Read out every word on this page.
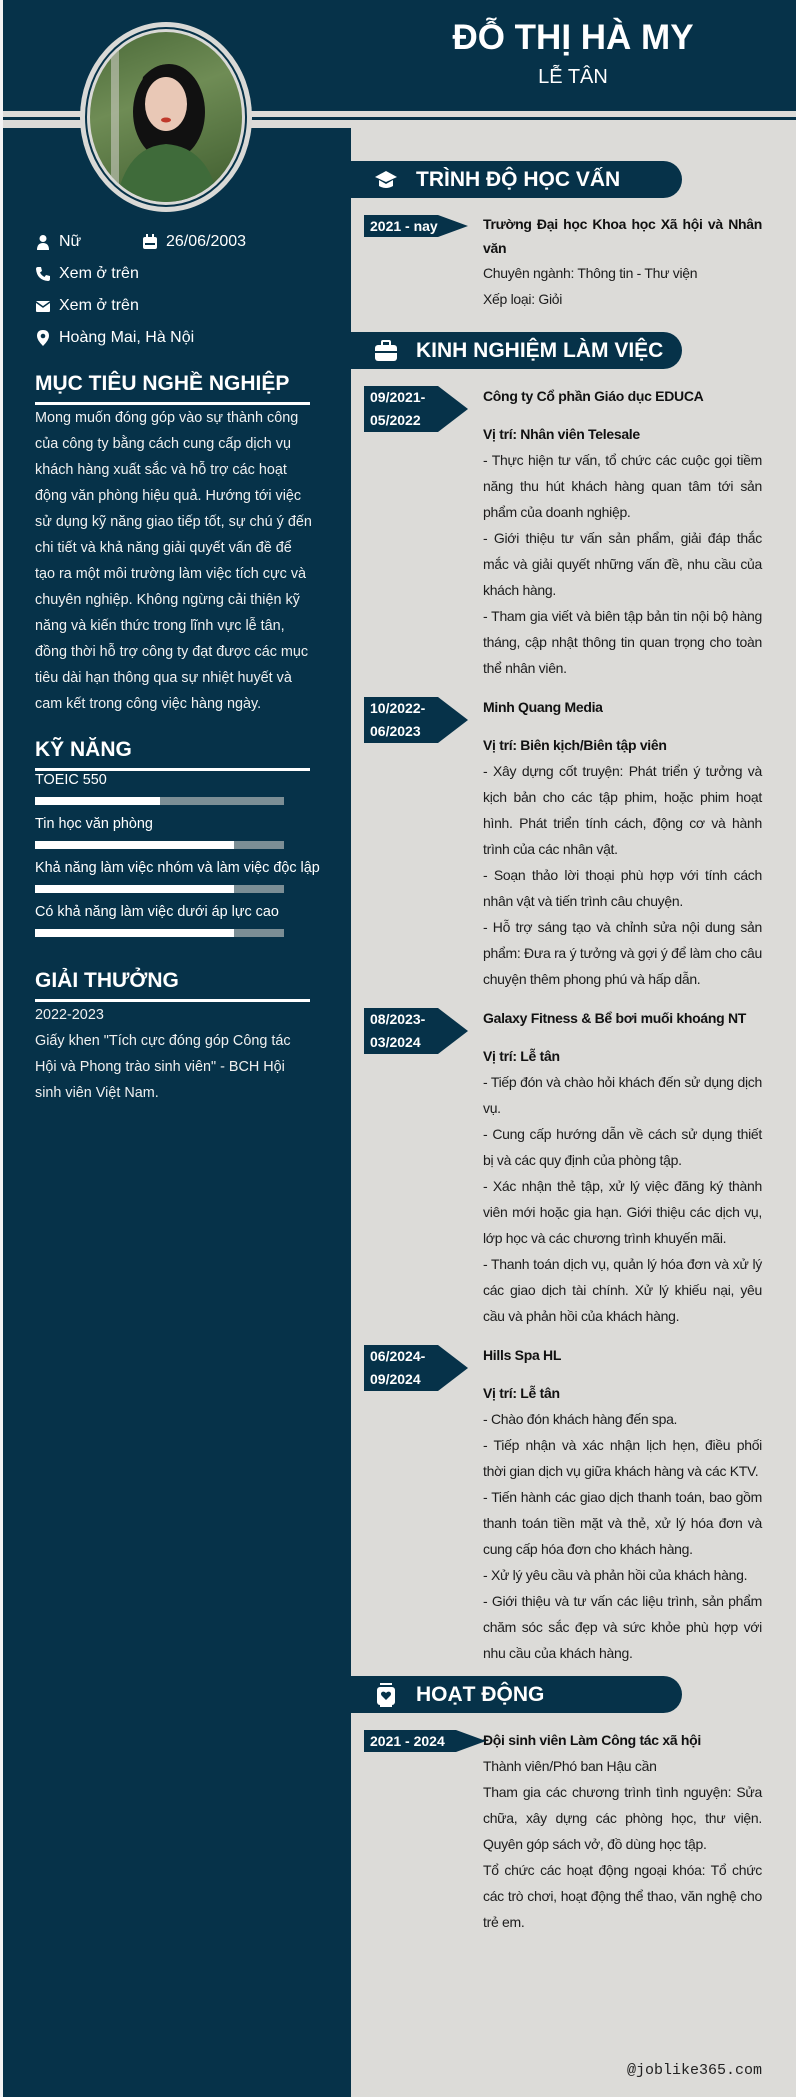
ĐỖ THỊ HÀ MY
LỄ TÂN
Nữ	26/06/2003
Xem ở trên
Xem ở trên
Hoàng Mai, Hà Nội
MỤC TIÊU NGHỀ NGHIỆP
Mong muốn đóng góp vào sự thành công của công ty bằng cách cung cấp dịch vụ khách hàng xuất sắc và hỗ trợ các hoạt động văn phòng hiệu quả. Hướng tới việc sử dụng kỹ năng giao tiếp tốt, sự chú ý đến chi tiết và khả năng giải quyết vấn đề để tạo ra một môi trường làm việc tích cực và chuyên nghiệp. Không ngừng cải thiện kỹ năng và kiến thức trong lĩnh vực lễ tân, đồng thời hỗ trợ công ty đạt được các mục tiêu dài hạn thông qua sự nhiệt huyết và cam kết trong công việc hàng ngày.
KỸ NĂNG
TOEIC 550
Tin học văn phòng
Khả năng làm việc nhóm và làm việc độc lập
Có khả năng làm việc dưới áp lực cao
GIẢI THƯỞNG
2022-2023
Giấy khen "Tích cực đóng góp Công tác Hội và Phong trào sinh viên" - BCH Hội sinh viên Việt Nam.
TRÌNH ĐỘ HỌC VẤN
2021 - nay	Trường Đại học Khoa học Xã hội và Nhân văn
Chuyên ngành: Thông tin - Thư viện
Xếp loại: Giỏi
KINH NGHIỆM LÀM VIỆC
09/2021-
05/2022
Công ty Cổ phần Giáo dục EDUCA
Vị trí: Nhân viên Telesale
- Thực hiện tư vấn, tổ chức các cuộc gọi tiềm năng thu hút khách hàng quan tâm tới sản phẩm của doanh nghiệp.
- Giới thiệu tư vấn sản phẩm, giải đáp thắc mắc và giải quyết những vấn đề, nhu cầu của khách hàng.
- Tham gia viết và biên tập bản tin nội bộ hàng tháng, cập nhật thông tin quan trọng cho toàn thể nhân viên.
10/2022-
06/2023
Minh Quang Media
Vị trí: Biên kịch/Biên tập viên
- Xây dựng cốt truyện: Phát triển ý tưởng và kịch bản cho các tập phim, hoặc phim hoạt hình. Phát triển tính cách, động cơ và hành trình của các nhân vật.
- Soạn thảo lời thoại phù hợp với tính cách nhân vật và tiến trình câu chuyện.
- Hỗ trợ sáng tạo và chỉnh sửa nội dung sản phẩm: Đưa ra ý tưởng và gợi ý để làm cho câu chuyện thêm phong phú và hấp dẫn.
08/2023-
03/2024
Galaxy Fitness & Bể bơi muối khoáng NT
Vị trí: Lễ tân
- Tiếp đón và chào hỏi khách đến sử dụng dịch vụ.
- Cung cấp hướng dẫn về cách sử dụng thiết bị và các quy định của phòng tập.
- Xác nhận thẻ tập, xử lý việc đăng ký thành viên mới hoặc gia hạn. Giới thiệu các dịch vụ, lớp học và các chương trình khuyến mãi.
- Thanh toán dịch vụ, quản lý hóa đơn và xử lý các giao dịch tài chính. Xử lý khiếu nại, yêu cầu và phản hồi của khách hàng.
06/2024-
09/2024
Hills Spa HL
Vị trí: Lễ tân
- Chào đón khách hàng đến spa.
- Tiếp nhận và xác nhận lịch hẹn, điều phối thời gian dịch vụ giữa khách hàng và các KTV.
- Tiến hành các giao dịch thanh toán, bao gồm thanh toán tiền mặt và thẻ, xử lý hóa đơn và cung cấp hóa đơn cho khách hàng.
- Xử lý yêu cầu và phản hồi của khách hàng.
- Giới thiệu và tư vấn các liệu trình, sản phẩm chăm sóc sắc đẹp và sức khỏe phù hợp với nhu cầu của khách hàng.
HOẠT ĐỘNG
2021 - 2024	Đội sinh viên Làm Công tác xã hội
Thành viên/Phó ban Hậu cần
Tham gia các chương trình tình nguyện: Sửa chữa, xây dựng các phòng học, thư viện. Quyên góp sách vở, đồ dùng học tập.
Tổ chức các hoạt động ngoại khóa: Tổ chức các trò chơi, hoạt động thể thao, văn nghệ cho trẻ em.
@joblike365.com
